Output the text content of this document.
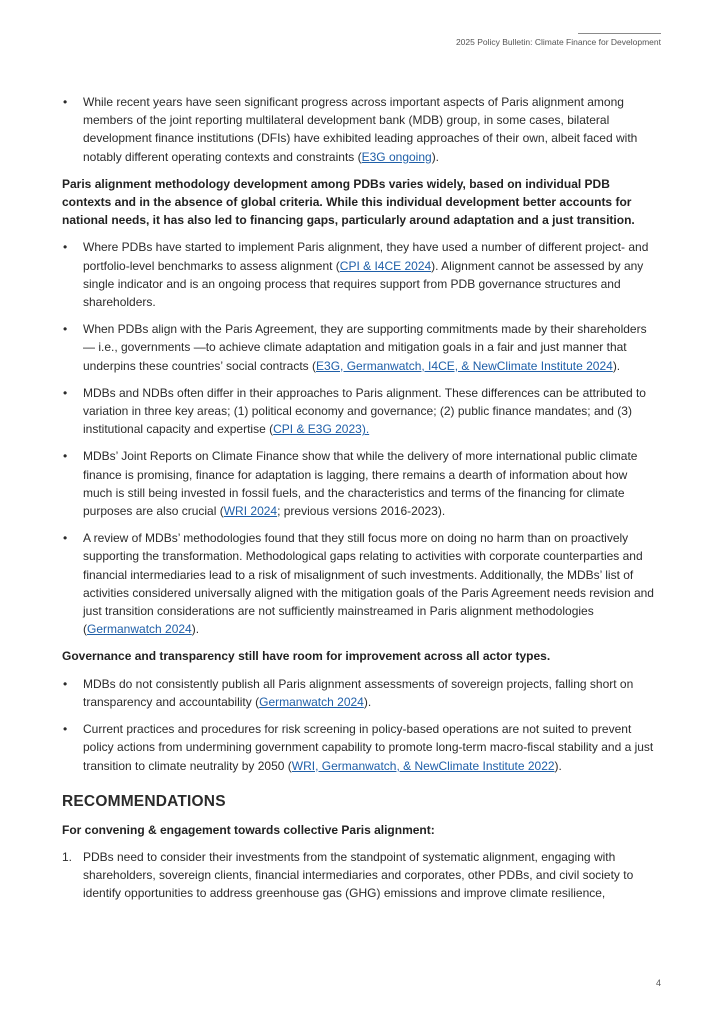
2025 Policy Bulletin: Climate Finance for Development
• While recent years have seen significant progress across important aspects of Paris alignment among members of the joint reporting multilateral development bank (MDB) group, in some cases, bilateral development finance institutions (DFIs) have exhibited leading approaches of their own, albeit faced with notably different operating contexts and constraints (E3G ongoing).

Paris alignment methodology development among PDBs varies widely, based on individual PDB contexts and in the absence of global criteria. While this individual development better accounts for national needs, it has also led to financing gaps, particularly around adaptation and a just transition.

• Where PDBs have started to implement Paris alignment, they have used a number of different project- and portfolio-level benchmarks to assess alignment (CPI & I4CE 2024). Alignment cannot be assessed by any single indicator and is an ongoing process that requires support from PDB governance structures and shareholders.
• When PDBs align with the Paris Agreement, they are supporting commitments made by their shareholders — i.e., governments —to achieve climate adaptation and mitigation goals in a fair and just manner that underpins these countries’ social contracts (E3G, Germanwatch, I4CE, & NewClimate Institute 2024).
• MDBs and NDBs often differ in their approaches to Paris alignment. These differences can be attributed to variation in three key areas; (1) political economy and governance; (2) public finance mandates; and (3) institutional capacity and expertise (CPI & E3G 2023).
• MDBs’ Joint Reports on Climate Finance show that while the delivery of more international public climate finance is promising, finance for adaptation is lagging, there remains a dearth of information about how much is still being invested in fossil fuels, and the characteristics and terms of the financing for climate purposes are also crucial (WRI 2024; previous versions 2016-2023).
• A review of MDBs’ methodologies found that they still focus more on doing no harm than on proactively supporting the transformation. Methodological gaps relating to activities with corporate counterparties and financial intermediaries lead to a risk of misalignment of such investments. Additionally, the MDBs’ list of activities considered universally aligned with the mitigation goals of the Paris Agreement needs revision and just transition considerations are not sufficiently mainstreamed in Paris alignment methodologies (Germanwatch 2024).

Governance and transparency still have room for improvement across all actor types.

• MDBs do not consistently publish all Paris alignment assessments of sovereign projects, falling short on transparency and accountability (Germanwatch 2024).
• Current practices and procedures for risk screening in policy-based operations are not suited to prevent policy actions from undermining government capability to promote long-term macro-fiscal stability and a just transition to climate neutrality by 2050 (WRI, Germanwatch, & NewClimate Institute 2022).
RECOMMENDATIONS

For convening & engagement towards collective Paris alignment:

1. PDBs need to consider their investments from the standpoint of systematic alignment, engaging with shareholders, sovereign clients, financial intermediaries and corporates, other PDBs, and civil society to identify opportunities to address greenhouse gas (GHG) emissions and improve climate resilience,
4
